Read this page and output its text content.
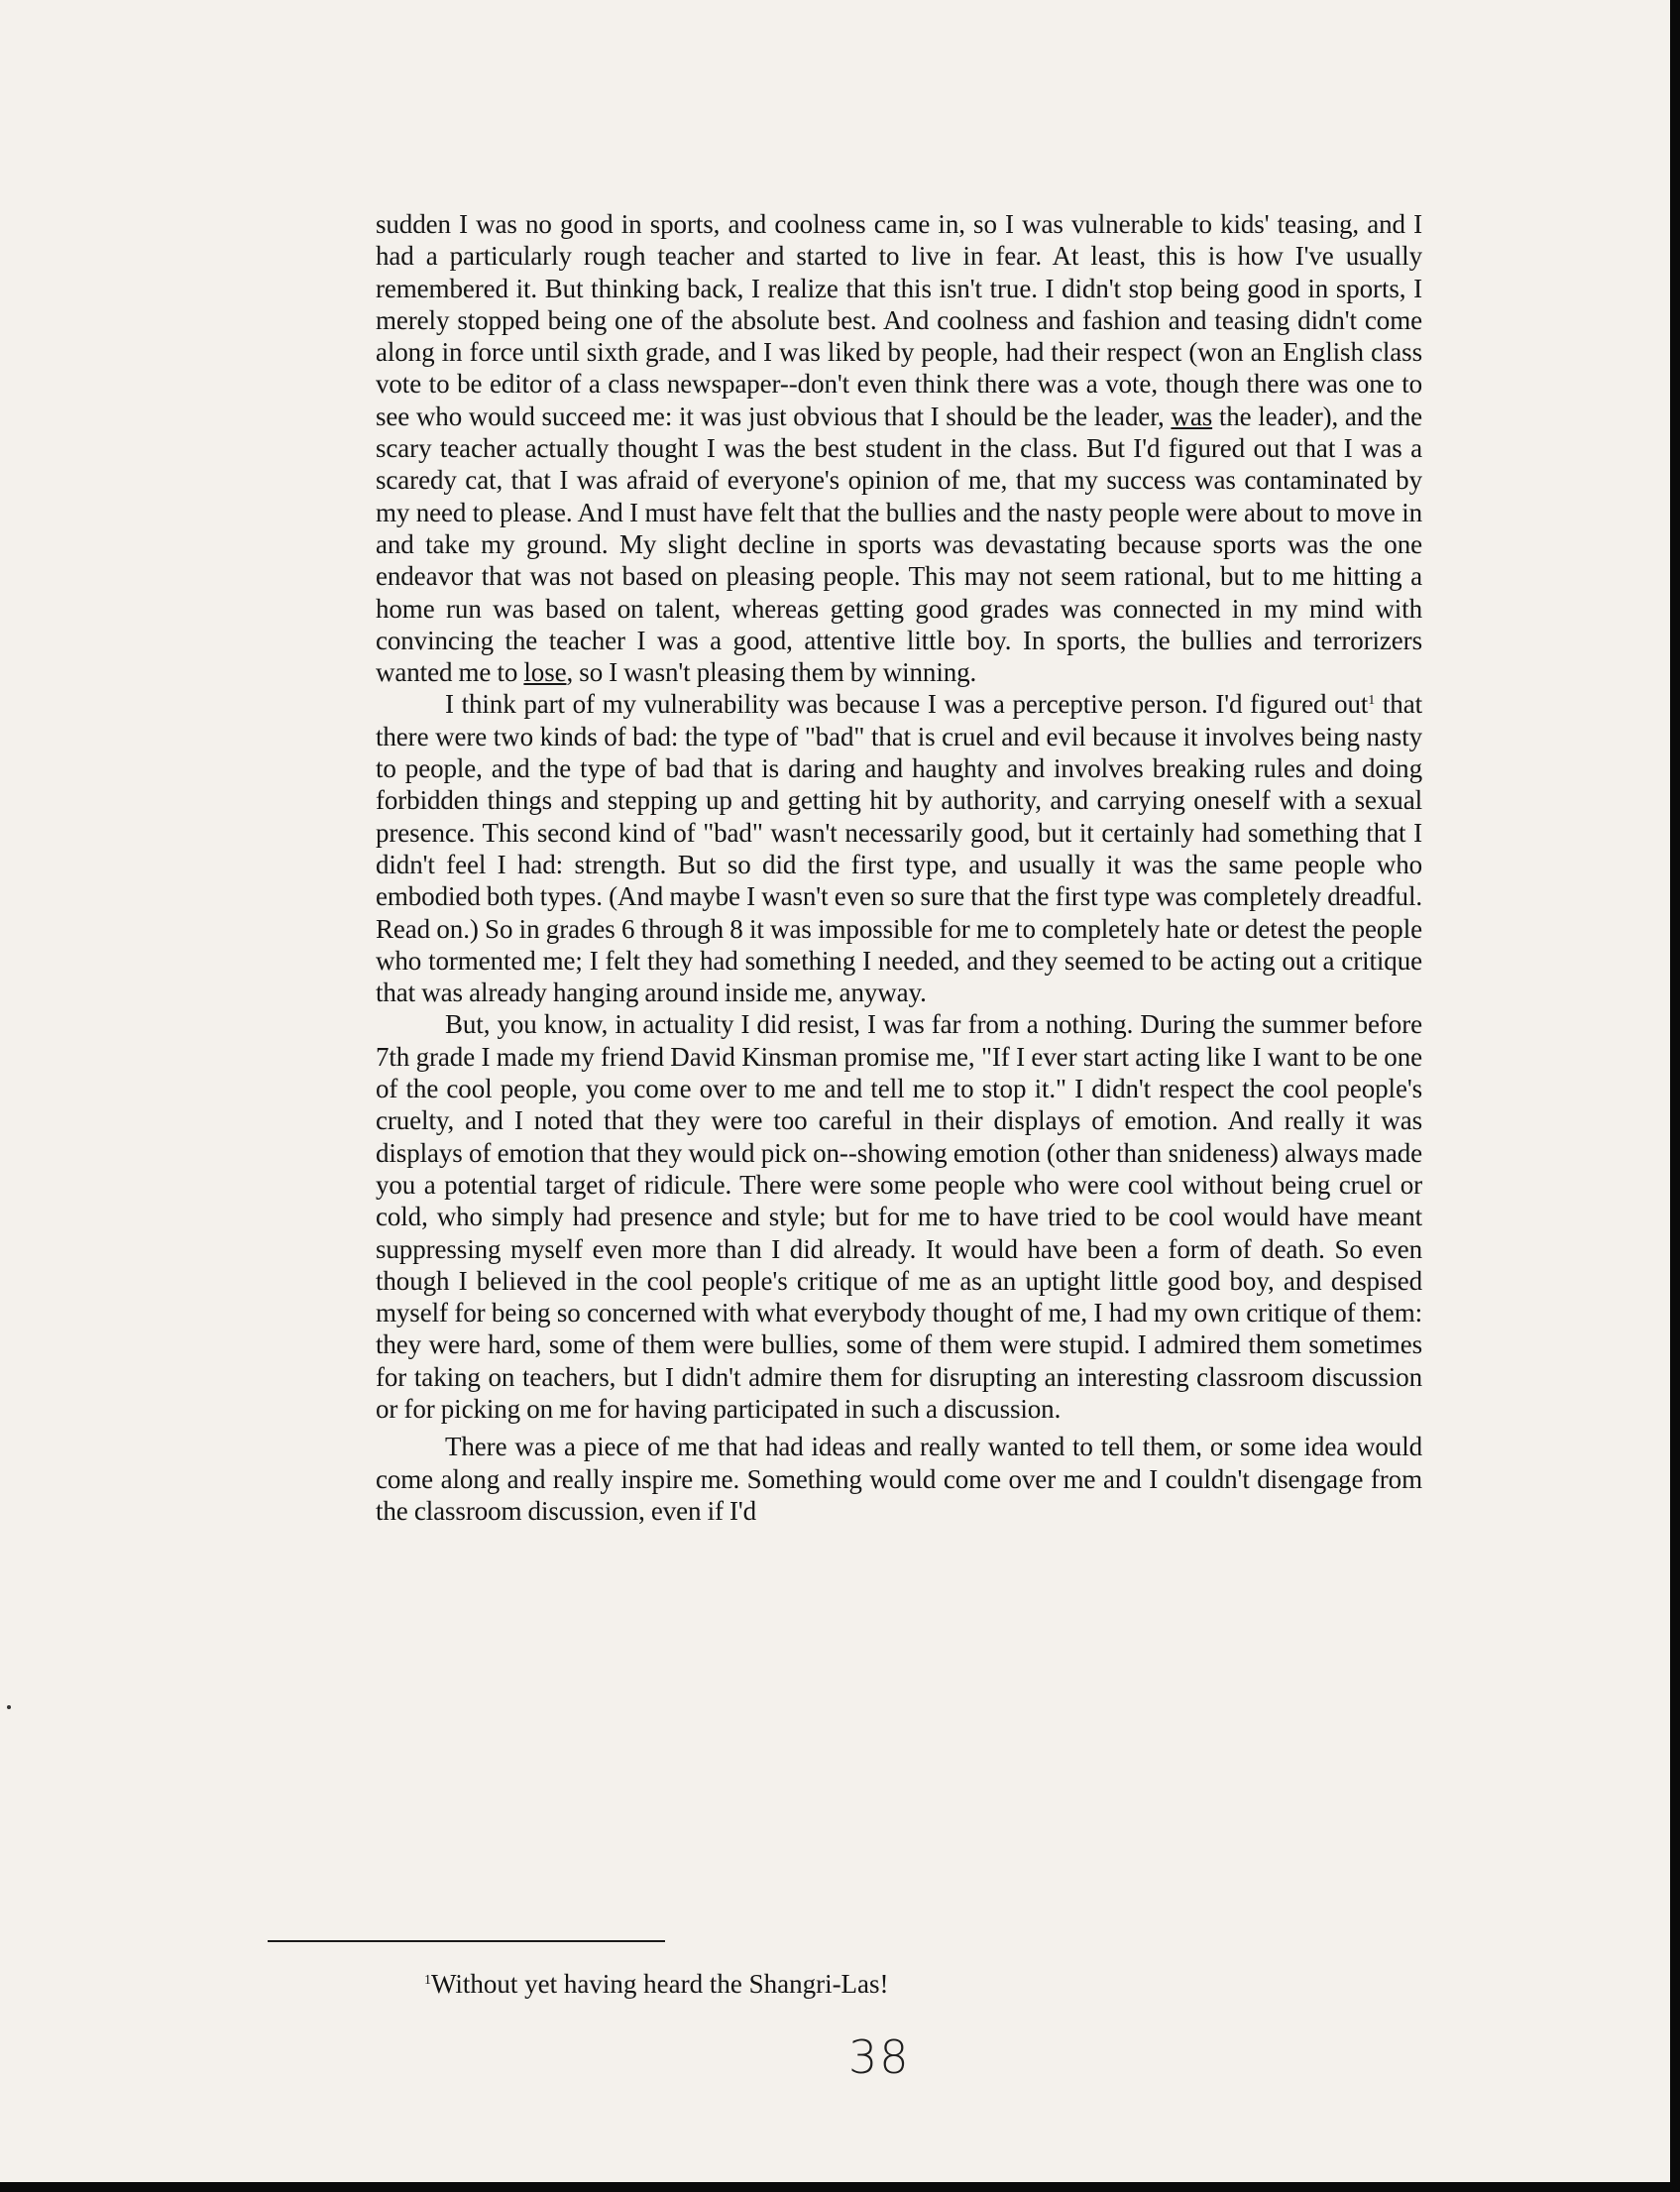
sudden I was no good in sports, and coolness came in, so I was vulnerable to kids' teasing, and I had a particularly rough teacher and started to live in fear. At least, this is how I've usually remembered it. But thinking back, I realize that this isn't true. I didn't stop being good in sports, I merely stopped being one of the absolute best. And coolness and fashion and teasing didn't come along in force until sixth grade, and I was liked by people, had their respect (won an English class vote to be editor of a class newspaper--don't even think there was a vote, though there was one to see who would succeed me: it was just obvious that I should be the leader, was the leader), and the scary teacher actually thought I was the best student in the class. But I'd figured out that I was a scaredy cat, that I was afraid of everyone's opinion of me, that my success was contaminated by my need to please. And I must have felt that the bullies and the nasty people were about to move in and take my ground. My slight decline in sports was devastating because sports was the one endeavor that was not based on pleasing people. This may not seem rational, but to me hitting a home run was based on talent, whereas getting good grades was connected in my mind with convincing the teacher I was a good, attentive little boy. In sports, the bullies and terrorizers wanted me to lose, so I wasn't pleasing them by winning.

I think part of my vulnerability was because I was a perceptive person. I'd figured out$^1$ that there were two kinds of bad: the type of "bad" that is cruel and evil because it involves being nasty to people, and the type of bad that is daring and haughty and involves breaking rules and doing forbidden things and stepping up and getting hit by authority, and carrying oneself with a sexual presence. This second kind of "bad" wasn't necessarily good, but it certainly had something that I didn't feel I had: strength. But so did the first type, and usually it was the same people who embodied both types. (And maybe I wasn't even so sure that the first type was completely dreadful. Read on.) So in grades 6 through 8 it was impossible for me to completely hate or detest the people who tormented me; I felt they had something I needed, and they seemed to be acting out a critique that was already hanging around inside me, anyway.

But, you know, in actuality I did resist, I was far from a nothing. During the summer before 7th grade I made my friend David Kinsman promise me, "If I ever start acting like I want to be one of the cool people, you come over to me and tell me to stop it." I didn't respect the cool people's cruelty, and I noted that they were too careful in their displays of emotion. And really it was displays of emotion that they would pick on--showing emotion (other than snideness) always made you a potential target of ridicule. There were some people who were cool without being cruel or cold, who simply had presence and style; but for me to have tried to be cool would have meant suppressing myself even more than I did already. It would have been a form of death. So even though I believed in the cool people's critique of me as an uptight little good boy, and despised myself for being so concerned with what everybody thought of me, I had my own critique of them: they were hard, some of them were bullies, some of them were stupid. I admired them sometimes for taking on teachers, but I didn't admire them for disrupting an interesting classroom discussion or for picking on me for having participated in such a discussion.

There was a piece of me that had ideas and really wanted to tell them, or some idea would come along and really inspire me. Something would come over me and I couldn't disengage from the classroom discussion, even if I'd

$^1$Without yet having heard the Shangri-Las!
38
